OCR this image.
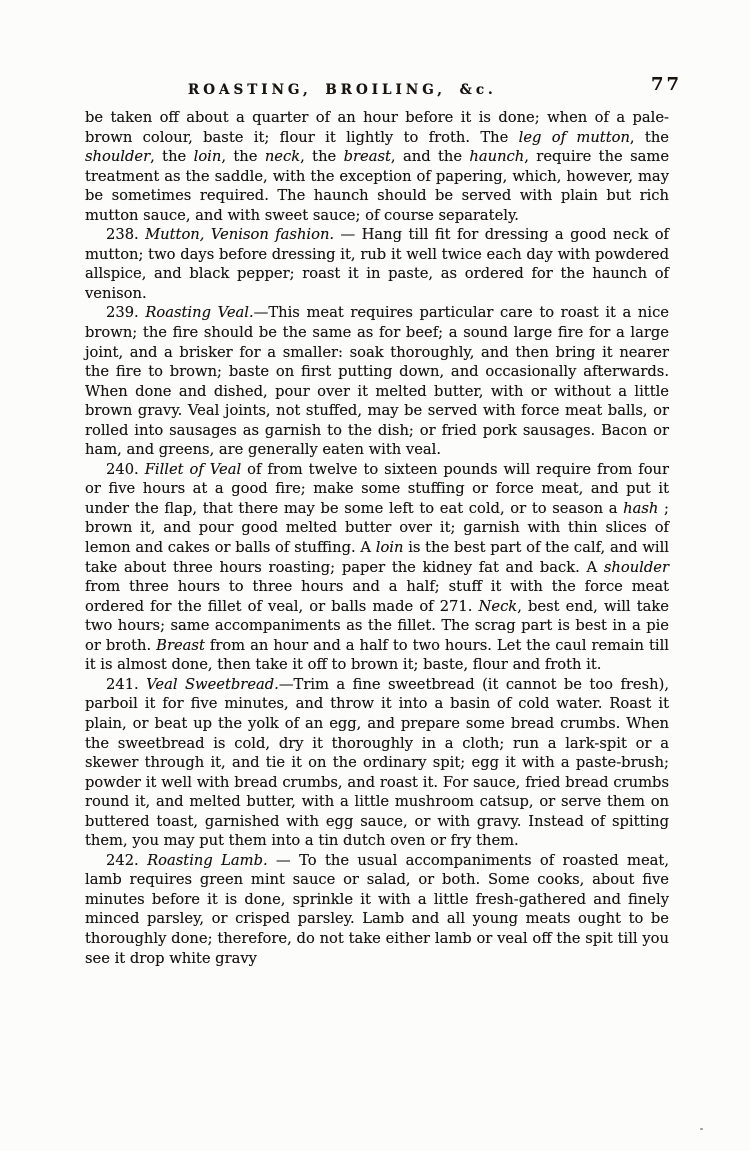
ROASTING, BROILING, &c.	77

be taken off about a quarter of an hour before it is done; when of a pale-brown colour, baste it; flour it lightly to froth. The leg of mutton, the shoulder, the loin, the neck, the breast, and the haunch, require the same treatment as the saddle, with the exception of papering, which, however, may be sometimes required. The haunch should be served with plain but rich mutton sauce, and with sweet sauce; of course separately.

238. Mutton, Venison fashion. — Hang till fit for dressing a good neck of mutton; two days before dressing it, rub it well twice each day with powdered allspice, and black pepper; roast it in paste, as ordered for the haunch of venison.

239. Roasting Veal.—This meat requires particular care to roast it a nice brown; the fire should be the same as for beef; a sound large fire for a large joint, and a brisker for a smaller: soak thoroughly, and then bring it nearer the fire to brown; baste on first putting down, and occasionally afterwards. When done and dished, pour over it melted butter, with or without a little brown gravy. Veal joints, not stuffed, may be served with force meat balls, or rolled into sausages as garnish to the dish; or fried pork sausages. Bacon or ham, and greens, are generally eaten with veal.

240. Fillet of Veal of from twelve to sixteen pounds will require from four or five hours at a good fire; make some stuffing or force meat, and put it under the flap, that there may be some left to eat cold, or to season a hash ; brown it, and pour good melted butter over it; garnish with thin slices of lemon and cakes or balls of stuffing. A loin is the best part of the calf, and will take about three hours roasting; paper the kidney fat and back. A shoulder from three hours to three hours and a half; stuff it with the force meat ordered for the fillet of veal, or balls made of 271. Neck, best end, will take two hours; same accompaniments as the fillet. The scrag part is best in a pie or broth. Breast from an hour and a half to two hours. Let the caul remain till it is almost done, then take it off to brown it; baste, flour and froth it.

241. Veal Sweetbread.—Trim a fine sweetbread (it cannot be too fresh), parboil it for five minutes, and throw it into a basin of cold water. Roast it plain, or beat up the yolk of an egg, and prepare some bread crumbs. When the sweetbread is cold, dry it thoroughly in a cloth; run a lark-spit or a skewer through it, and tie it on the ordinary spit; egg it with a paste-brush; powder it well with bread crumbs, and roast it. For sauce, fried bread crumbs round it, and melted butter, with a little mushroom catsup, or serve them on buttered toast, garnished with egg sauce, or with gravy. Instead of spitting them, you may put them into a tin dutch oven or fry them.

242. Roasting Lamb. — To the usual accompaniments of roasted meat, lamb requires green mint sauce or salad, or both. Some cooks, about five minutes before it is done, sprinkle it with a little fresh-gathered and finely minced parsley, or crisped parsley. Lamb and all young meats ought to be thoroughly done; therefore, do not take either lamb or veal off the spit till you see it drop white gravy
